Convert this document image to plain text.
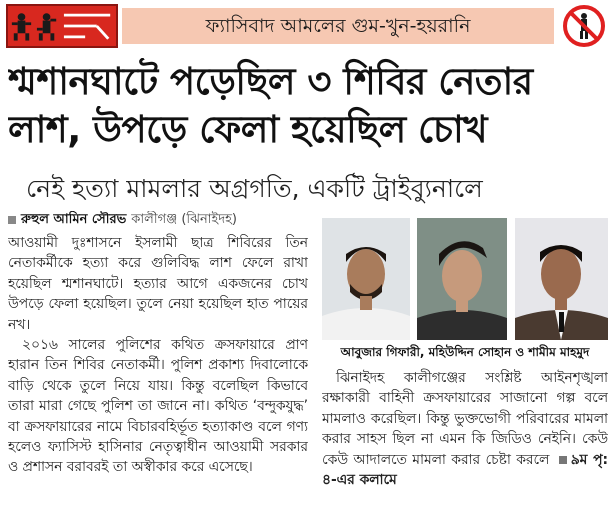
ফ্যাসিবাদ আমলের গুম-খুন-হয়রানি
শ্মশানঘাটে পড়েছিল ৩ শিবির নেতার
লাশ, উপড়ে ফেলা হয়েছিল চোখ
নেই হত্যা মামলার অগ্রগতি, একটি ট্রাইব্যুনালে
রুহুল আমিন সৌরভ কালীগঞ্জ (ঝিনাইদহ)

আওয়ামী দুঃশাসনে ইসলামী ছাত্র শিবিরের তিন নেতাকর্মীকে হত্যা করে গুলিবিদ্ধ লাশ ফেলে রাখা হয়েছিল শ্মশানঘাটে। হত্যার আগে একজনের চোখ উপড়ে ফেলা হয়েছিল। তুলে নেয়া হয়েছিল হাত পায়ের নখ।

২০১৬ সালের পুলিশের কথিত ক্রসফায়ারে প্রাণ হারান তিন শিবির নেতাকর্মী। পুলিশ প্রকাশ্য দিবালোকে বাড়ি থেকে তুলে নিয়ে যায়। কিন্তু বলেছিল কিভাবে তারা মারা গেছে পুলিশ তা জানে না। কথিত ‘বন্দুকযুদ্ধ’ বা ক্রসফায়ারের নামে বিচারবহির্ভূত হত্যাকাণ্ড বলে গণ্য হলেও ফ্যাসিস্ট হাসিনার নেতৃত্বাধীন আওয়ামী সরকার ও প্রশাসন বরাবরই তা অস্বীকার করে এসেছে।

আবুজার গিফারী, মহিউদ্দিন সোহান ও শামীম মাহমুদ

ঝিনাইদহ কালীগঞ্জের সংশ্লিষ্ট আইনশৃঙ্খলা রক্ষাকারী বাহিনী ক্রসফায়ারের সাজানো গল্প বলে মামলাও করেছিল। কিন্তু ভুক্তভোগী পরিবারের মামলা করার সাহস ছিল না এমন কি জিডিও নেইনি। কেউ কেউ আদালতে মামলা করার চেষ্টা করলে ৯ম পৃ: ৪-এর কলামে
